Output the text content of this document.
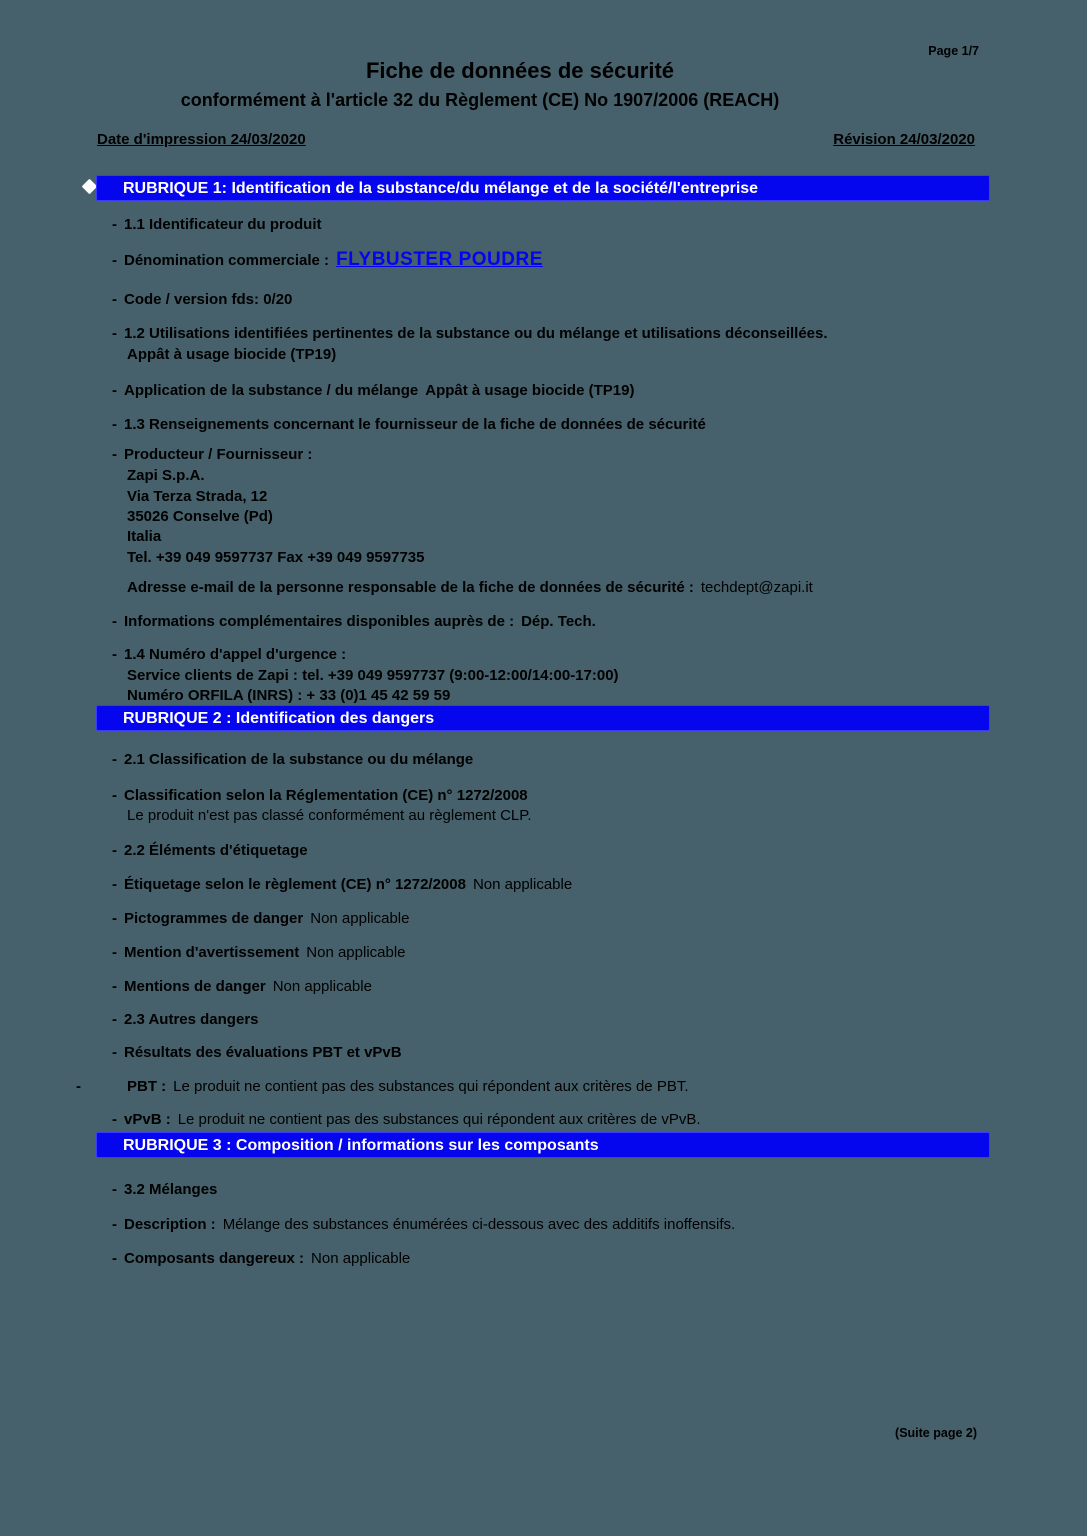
Page 1/7
Fiche de données de sécurité
conformément à l'article 32 du Règlement (CE) No 1907/2006 (REACH)
Date d'impression 24/03/2020	Révision 24/03/2020
RUBRIQUE 1: Identification de la substance/du mélange et de la société/l'entreprise
- 1.1 Identificateur du produit
- Dénomination commerciale : FLYBUSTER POUDRE
- Code / version fds: 0/20
- 1.2 Utilisations identifiées pertinentes de la substance ou du mélange et utilisations déconseillées.
Appât à usage biocide (TP19)
- Application de la substance / du mélange Appât à usage biocide (TP19)
- 1.3 Renseignements concernant le fournisseur de la fiche de données de sécurité
- Producteur / Fournisseur :
Zapi S.p.A.
Via Terza Strada, 12
35026 Conselve (Pd)
Italia
Tel. +39 049 9597737 Fax +39 049 9597735
Adresse e-mail de la personne responsable de la fiche de données de sécurité : techdept@zapi.it
- Informations complémentaires disponibles auprès de : Dép. Tech.
- 1.4 Numéro d'appel d'urgence :
Service clients de Zapi : tel. +39 049 9597737 (9:00-12:00/14:00-17:00)
Numéro ORFILA (INRS) : + 33 (0)1 45 42 59 59
RUBRIQUE 2 : Identification des dangers
- 2.1 Classification de la substance ou du mélange
- Classification selon la Réglementation (CE) n° 1272/2008
Le produit n'est pas classé conformément au règlement CLP.
- 2.2 Éléments d'étiquetage
- Étiquetage selon le règlement (CE) n° 1272/2008 Non applicable
- Pictogrammes de danger Non applicable
- Mention d'avertissement Non applicable
- Mentions de danger Non applicable
- 2.3 Autres dangers
- Résultats des évaluations PBT et vPvB
-	PBT : Le produit ne contient pas des substances qui répondent aux critères de PBT.
- vPvB : Le produit ne contient pas des substances qui répondent aux critères de vPvB.
RUBRIQUE 3 : Composition / informations sur les composants
- 3.2 Mélanges
- Description : Mélange des substances énumérées ci-dessous avec des additifs inoffensifs.
- Composants dangereux : Non applicable
(Suite page 2)
